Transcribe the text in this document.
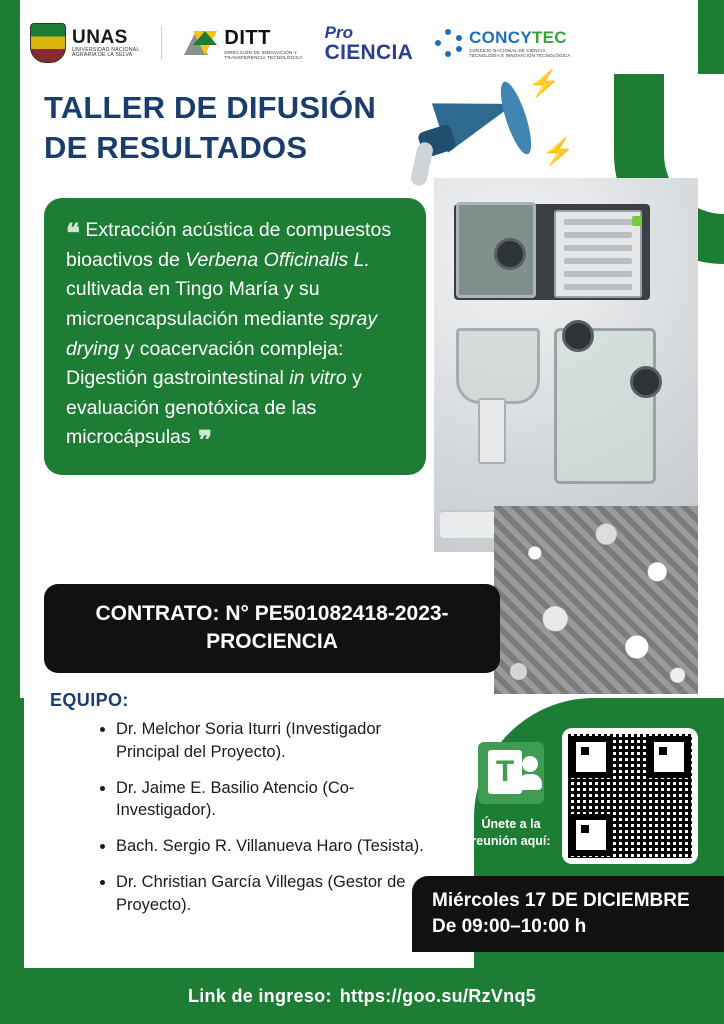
UNAS
UNIVERSIDAD NACIONAL
AGRARIA DE LA SELVA
DITT
DIRECCIÓN DE INNOVACIÓN Y
TRANSFERENCIA TECNOLÓGICA
Pro
CIENCIA
CONCYTEC
CONSEJO NACIONAL DE CIENCIA,
TECNOLOGÍA E INNOVACIÓN TECNOLÓGICA
TALLER DE DIFUSIÓN
DE RESULTADOS
⚡
⚡
❝ Extracción acústica de compuestos bioactivos de Verbena Officinalis L. cultivada en Tingo María y su microencapsulación mediante spray drying y coacervación compleja: Digestión gastrointestinal in vitro y evaluación genotóxica de las microcápsulas ❞
CONTRATO: N° PE501082418-2023-PROCIENCIA
EQUIPO:
• Dr. Melchor Soria Iturri (Investigador Principal del Proyecto).
• Dr. Jaime E. Basilio Atencio (Co-Investigador).
• Bach. Sergio R. Villanueva Haro (Tesista).
• Dr. Christian García Villegas (Gestor de Proyecto).
T
Únete a la
reunión aquí:
Miércoles 17 DE DICIEMBRE
De 09:00–10:00 h
Link de ingreso: https://goo.su/RzVnq5
